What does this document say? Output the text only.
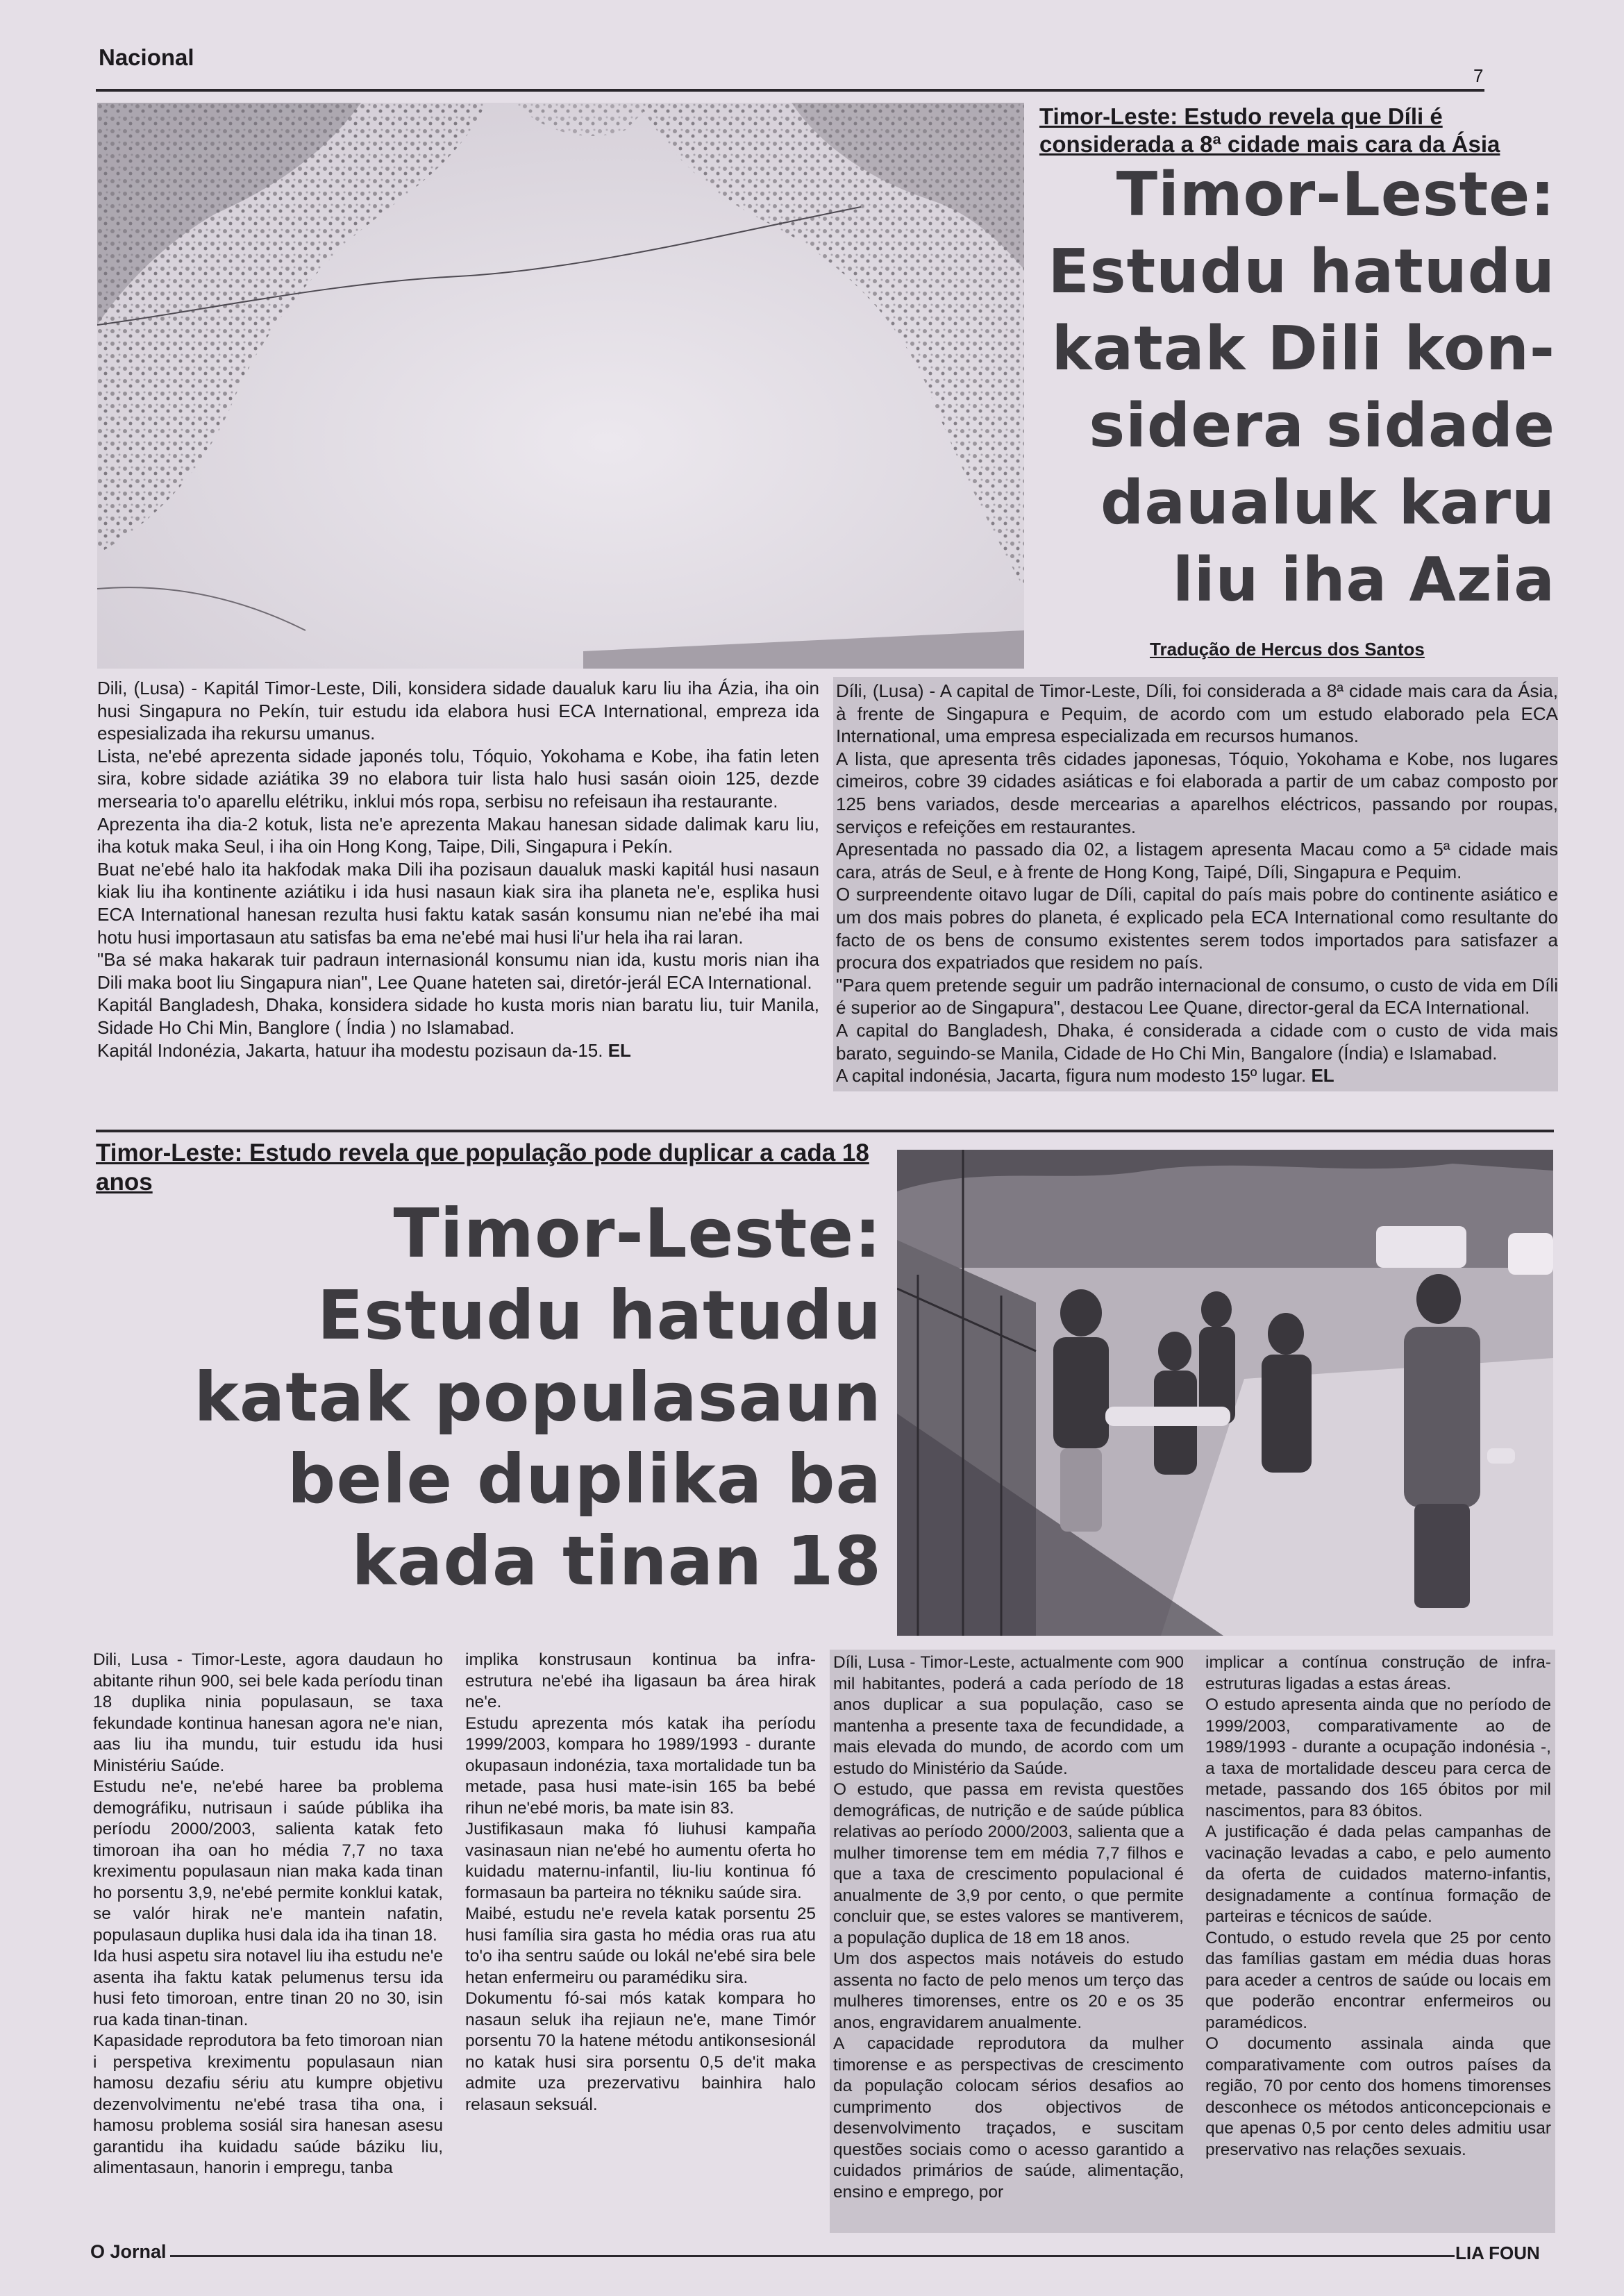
Nacional
7
Timor-Leste: Estudo revela que Díli é considerada a 8ª cidade mais cara da Ásia
Timor-Leste:
Estudu hatudu
katak Dili kon-
sidera sidade
daualuk karu
liu iha Azia
Tradução de Hercus dos Santos

Dili, (Lusa) - Kapitál Timor-Leste, Dili, konsidera sidade daualuk karu liu iha Ázia, iha oin husi Singapura no Pekín, tuir estudu ida elabora husi ECA International, empreza ida espesializada iha rekursu umanus.

Lista, ne'ebé aprezenta sidade japonés tolu, Tóquio, Yokohama e Kobe, iha fatin leten sira, kobre sidade aziátika 39 no elabora tuir lista halo husi sasán oioin 125, dezde mersearia to'o aparellu elétriku, inklui mós ropa, serbisu no refeisaun iha restaurante.

Aprezenta iha dia-2 kotuk, lista ne'e aprezenta Makau hanesan sidade dalimak karu liu, iha kotuk maka Seul, i iha oin Hong Kong, Taipe, Dili, Singapura i Pekín.

Buat ne'ebé halo ita hakfodak maka Dili iha pozisaun daualuk maski kapitál husi nasaun kiak liu iha kontinente aziátiku i ida husi nasaun kiak sira iha planeta ne'e, esplika husi ECA International hanesan rezulta husi faktu katak sasán konsumu nian ne'ebé iha mai hotu husi importasaun atu satisfas ba ema ne'ebé mai husi li'ur hela iha rai laran.

"Ba sé maka hakarak tuir padraun internasionál konsumu nian ida, kustu moris nian iha Dili maka boot liu Singapura nian", Lee Quane hateten sai, diretór-jerál ECA International.

Kapitál Bangladesh, Dhaka, konsidera sidade ho kusta moris nian baratu liu, tuir Manila, Sidade Ho Chi Min, Banglore ( Índia ) no Islamabad.

Kapitál Indonézia, Jakarta, hatuur iha modestu pozisaun da-15. EL

Díli, (Lusa) - A capital de Timor-Leste, Díli, foi considerada a 8ª cidade mais cara da Ásia, à frente de Singapura e Pequim, de acordo com um estudo elaborado pela ECA International, uma empresa especializada em recursos humanos.

A lista, que apresenta três cidades japonesas, Tóquio, Yokohama e Kobe, nos lugares cimeiros, cobre 39 cidades asiáticas e foi elaborada a partir de um cabaz composto por 125 bens variados, desde mercearias a aparelhos eléctricos, passando por roupas, serviços e refeições em restaurantes.

Apresentada no passado dia 02, a listagem apresenta Macau como a 5ª cidade mais cara, atrás de Seul, e à frente de Hong Kong, Taipé, Díli, Singapura e Pequim.

O surpreendente oitavo lugar de Díli, capital do país mais pobre do continente asiático e um dos mais pobres do planeta, é explicado pela ECA International como resultante do facto de os bens de consumo existentes serem todos importados para satisfazer a procura dos expatriados que residem no país.

"Para quem pretende seguir um padrão internacional de consumo, o custo de vida em Díli é superior ao de Singapura", destacou Lee Quane, director-geral da ECA International.

A capital do Bangladesh, Dhaka, é considerada a cidade com o custo de vida mais barato, seguindo-se Manila, Cidade de Ho Chi Min, Bangalore (Índia) e Islamabad.

A capital indonésia, Jacarta, figura num modesto 15º lugar. EL

Timor-Leste: Estudo revela que população pode duplicar a cada 18 anos
Timor-Leste:
Estudu hatudu
katak populasaun
bele duplika ba
kada tinan 18

Dili, Lusa - Timor-Leste, agora daudaun ho abitante rihun 900, sei bele kada períodu tinan 18 duplika ninia populasaun, se taxa fekundade kontinua hanesan agora ne'e nian, aas liu iha mundu, tuir estudu ida husi Ministériu Saúde.

Estudu ne'e, ne'ebé haree ba problema demográfiku, nutrisaun i saúde públika iha períodu 2000/2003, salienta katak feto timoroan iha oan ho média 7,7 no taxa kreximentu populasaun nian maka kada tinan ho porsentu 3,9, ne'ebé permite konklui katak, se valór hirak ne'e mantein nafatin, populasaun duplika husi dala ida iha tinan 18.

Ida husi aspetu sira notavel liu iha estudu ne'e asenta iha faktu katak pelumenus tersu ida husi feto timoroan, entre tinan 20 no 30, isin rua kada tinan-tinan.

Kapasidade reprodutora ba feto timoroan nian i perspetiva kreximentu populasaun nian hamosu dezafiu sériu atu kumpre objetivu dezenvolvimentu ne'ebé trasa tiha ona, i hamosu problema sosiál sira hanesan asesu garantidu iha kuidadu saúde báziku liu, alimentasaun, hanorin i empregu, tanba

implika konstrusaun kontinua ba infra-estrutura ne'ebé iha ligasaun ba área hirak ne'e.

Estudu aprezenta mós katak iha períodu 1999/2003, kompara ho 1989/1993 - durante okupasaun indonézia, taxa mortalidade tun ba metade, pasa husi mate-isin 165 ba bebé rihun ne'ebé moris, ba mate isin 83.

Justifikasaun maka fó liuhusi kampaña vasinasaun nian ne'ebé ho aumentu oferta ho kuidadu maternu-infantil, liu-liu kontinua fó formasaun ba parteira no tékniku saúde sira.

Maibé, estudu ne'e revela katak porsentu 25 husi família sira gasta ho média oras rua atu to'o iha sentru saúde ou lokál ne'ebé sira bele hetan enfermeiru ou paramédiku sira.

Dokumentu fó-sai mós katak kompara ho nasaun seluk iha rejiaun ne'e, mane Timór porsentu 70 la hatene métodu antikonsesionál no katak husi sira porsentu 0,5 de'it maka admite uza prezervativu bainhira halo relasaun seksuál.

Díli, Lusa - Timor-Leste, actualmente com 900 mil habitantes, poderá a cada período de 18 anos duplicar a sua população, caso se mantenha a presente taxa de fecundidade, a mais elevada do mundo, de acordo com um estudo do Ministério da Saúde.

O estudo, que passa em revista questões demográficas, de nutrição e de saúde pública relativas ao período 2000/2003, salienta que a mulher timorense tem em média 7,7 filhos e que a taxa de crescimento populacional é anualmente de 3,9 por cento, o que permite concluir que, se estes valores se mantiverem, a população duplica de 18 em 18 anos.

Um dos aspectos mais notáveis do estudo assenta no facto de pelo menos um terço das mulheres timorenses, entre os 20 e os 35 anos, engravidarem anualmente.

A capacidade reprodutora da mulher timorense e as perspectivas de crescimento da população colocam sérios desafios ao cumprimento dos objectivos de desenvolvimento traçados, e suscitam questões sociais como o acesso garantido a cuidados primários de saúde, alimentação, ensino e emprego, por

implicar a contínua construção de infra- estruturas ligadas a estas áreas.

O estudo apresenta ainda que no período de 1999/2003, comparativamente ao de 1989/1993 - durante a ocupação indonésia -, a taxa de mortalidade desceu para cerca de metade, passando dos 165 óbitos por mil nascimentos, para 83 óbitos.

A justificação é dada pelas campanhas de vacinação levadas a cabo, e pelo aumento da oferta de cuidados materno-infantis, designadamente a contínua formação de parteiras e técnicos de saúde.

Contudo, o estudo revela que 25 por cento das famílias gastam em média duas horas para aceder a centros de saúde ou locais em que poderão encontrar enfermeiros ou paramédicos.

O documento assinala ainda que comparativamente com outros países da região, 70 por cento dos homens timorenses desconhece os métodos anticoncepcionais e que apenas 0,5 por cento deles admitiu usar preservativo nas relações sexuais.

O Jornal	LIA FOUN
